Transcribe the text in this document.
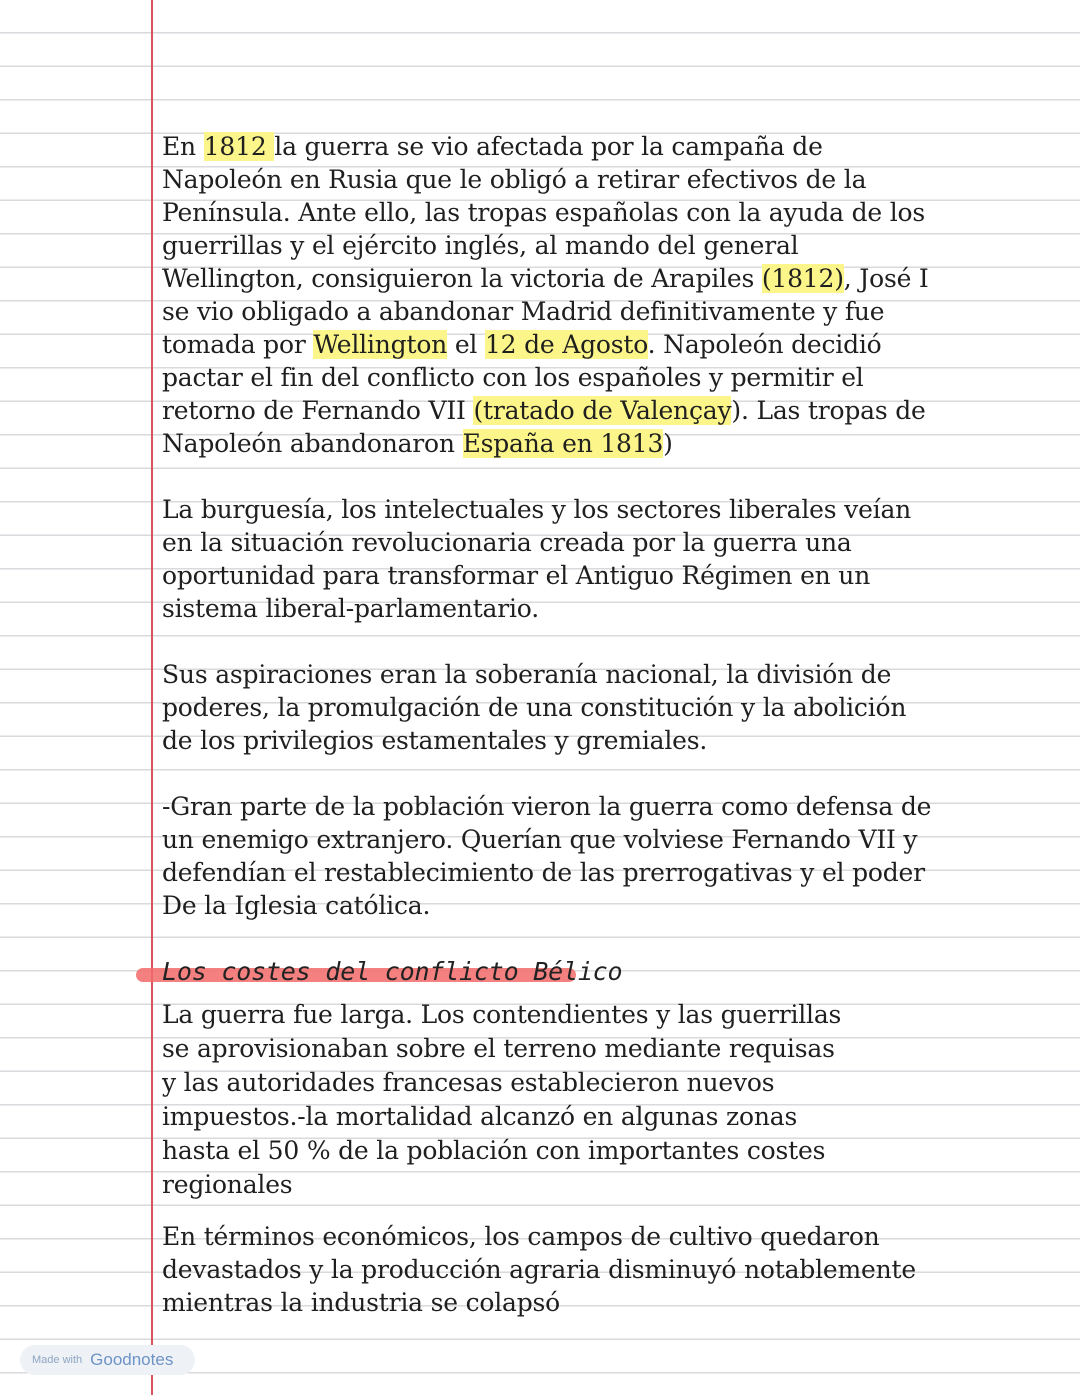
En 1812 la guerra se vio afectada por la campaña de
Napoleón en Rusia que le obligó a retirar efectivos de la
Península. Ante ello, las tropas españolas con la ayuda de los
guerrillas y el ejército inglés, al mando del general
Wellington, consiguieron la victoria de Arapiles (1812), José I
se vio obligado a abandonar Madrid definitivamente y fue
tomada por Wellington el 12 de Agosto. Napoleón decidió
pactar el fin del conflicto con los españoles y permitir el
retorno de Fernando VII (tratado de Valençay). Las tropas de
Napoleón abandonaron España en 1813)
La burguesía, los intelectuales y los sectores liberales veían
en la situación revolucionaria creada por la guerra una
oportunidad para transformar el Antiguo Régimen en un
sistema liberal-parlamentario.
Sus aspiraciones eran la soberanía nacional, la división de
poderes, la promulgación de una constitución y la abolición
de los privilegios estamentales y gremiales.
-Gran parte de la población vieron la guerra como defensa de
un enemigo extranjero. Querían que volviese Fernando VII y
defendían el restablecimiento de las prerrogativas y el poder
De la Iglesia católica.
Los costes del conflicto Bélico
La guerra fue larga. Los contendientes y las guerrillas
se aprovisionaban sobre el terreno mediante requisas
y las autoridades francesas establecieron nuevos
impuestos.-la mortalidad alcanzó en algunas zonas
hasta el 50 % de la población con importantes costes
regionales
En términos económicos, los campos de cultivo quedaron
devastados y la producción agraria disminuyó notablemente
mientras la industria se colapsó
Made with Goodnotes
